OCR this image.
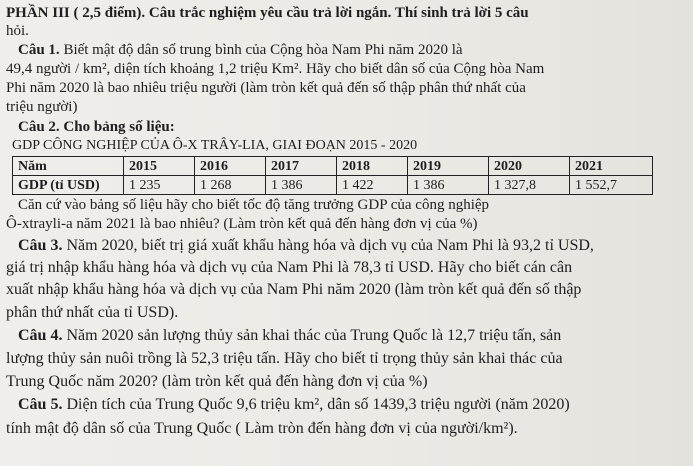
PHẦN III ( 2,5 điểm). Câu trắc nghiệm yêu cầu trả lời ngắn. Thí sinh trả lời 5 câu
hỏi.
Câu 1. Biết mật độ dân số trung bình của Cộng hòa Nam Phi năm 2020 là
49,4 người / km², diện tích khoảng 1,2 triệu Km². Hãy cho biết dân số của Cộng hòa Nam
Phi năm 2020 là bao nhiêu triệu người (làm tròn kết quả đến số thập phân thứ nhất của
triệu người)
Câu 2. Cho bảng số liệu:
GDP CÔNG NGHIỆP CỦA Ô-X TRÂY-LIA, GIAI ĐOẠN 2015 - 2020
Năm	2015	2016	2017	2018	2019	2020	2021
GDP (tỉ USD)	1 235	1 268	1 386	1 422	1 386	1 327,8	1 552,7
Căn cứ vào bảng số liệu hãy cho biết tốc độ tăng trưởng GDP của công nghiệp
Ô-xtrayli-a năm 2021 là bao nhiêu? (Làm tròn kết quả đến hàng đơn vị của %)
Câu 3. Năm 2020, biết trị giá xuất khẩu hàng hóa và dịch vụ của Nam Phi là 93,2 tỉ USD,
giá trị nhập khẩu hàng hóa và dịch vụ của Nam Phi là 78,3 tỉ USD. Hãy cho biết cán cân
xuất nhập khẩu hàng hóa và dịch vụ của Nam Phi năm 2020 (làm tròn kết quả đến số thập
phân thứ nhất của tỉ USD).
Câu 4. Năm 2020 sản lượng thủy sản khai thác của Trung Quốc là 12,7 triệu tấn, sản
lượng thủy sản nuôi trồng là 52,3 triệu tấn. Hãy cho biết tỉ trọng thủy sản khai thác của
Trung Quốc năm 2020? (làm tròn kết quả đến hàng đơn vị của %)
Câu 5. Diện tích của Trung Quốc 9,6 triệu km², dân số 1439,3 triệu người (năm 2020)
tính mật độ dân số của Trung Quốc ( Làm tròn đến hàng đơn vị của người/km²).
